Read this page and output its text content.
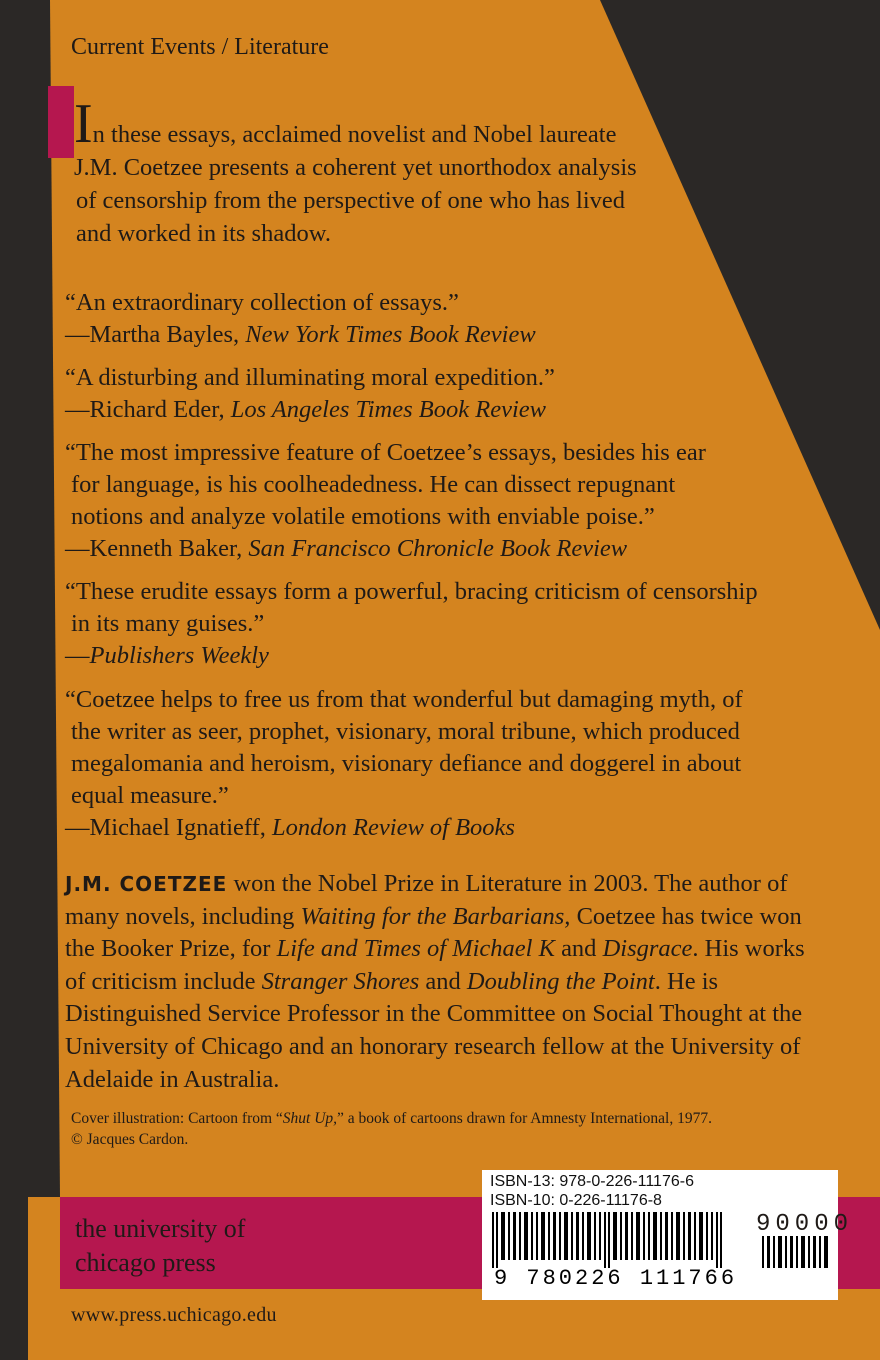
Current Events / Literature
In these essays, acclaimed novelist and Nobel laureate
J.M. Coetzee presents a coherent yet unorthodox analysis
of censorship from the perspective of one who has lived
and worked in its shadow.

“An extraordinary collection of essays.”

—Martha Bayles, New York Times Book Review

“A disturbing and illuminating moral expedition.”

—Richard Eder, Los Angeles Times Book Review

“The most impressive feature of Coetzee’s essays, besides his ear

for language, is his coolheadedness. He can dissect repugnant

notions and analyze volatile emotions with enviable poise.”

—Kenneth Baker, San Francisco Chronicle Book Review

“These erudite essays form a powerful, bracing criticism of censorship

in its many guises.”

—Publishers Weekly

“Coetzee helps to free us from that wonderful but damaging myth, of

the writer as seer, prophet, visionary, moral tribune, which produced

megalomania and heroism, visionary defiance and doggerel in about

equal measure.”

—Michael Ignatieff, London Review of Books

J.M. COETZEE won the Nobel Prize in Literature in 2003. The author of many novels, including Waiting for the Barbarians, Coetzee has twice won the Booker Prize, for Life and Times of Michael K and Disgrace. His works of criticism include Stranger Shores and Doubling the Point. He is Distinguished Service Professor in the Committee on Social Thought at the University of Chicago and an honorary research fellow at the University of Adelaide in Australia.
Cover illustration: Cartoon from “Shut Up,” a book of cartoons drawn for Amnesty International, 1977.
© Jacques Cardon.
the university of
chicago press
www.press.uchicago.edu
ISBN-13: 978-0-226-11176-6
ISBN-10: 0-226-11176-8
90000
9 780226 111766
